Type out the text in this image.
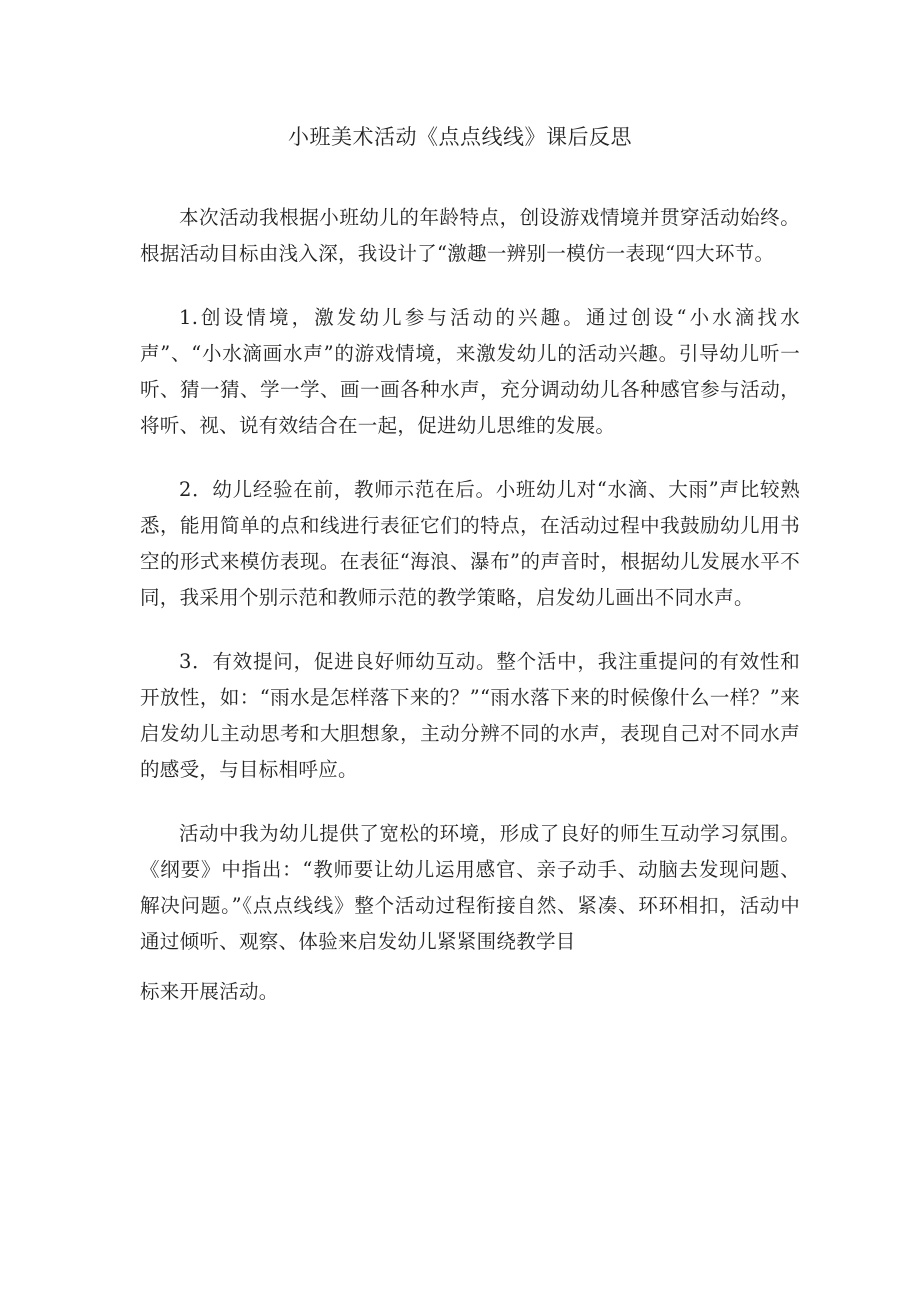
小班美术活动《点点线线》课后反思

本次活动我根据小班幼儿的年龄特点，创设游戏情境并贯穿活动始终。根据活动目标由浅入深，我设计了“激趣一辨别一模仿一表现“四大环节。

1.创设情境，激发幼儿参与活动的兴趣。通过创设“小水滴找水声”、“小水滴画水声”的游戏情境，来激发幼儿的活动兴趣。引导幼儿听一听、猜一猜、学一学、画一画各种水声，充分调动幼儿各种感官参与活动，将听、视、说有效结合在一起，促进幼儿思维的发展。

2．幼儿经验在前，教师示范在后。小班幼儿对“水滴、大雨”声比较熟悉，能用简单的点和线进行表征它们的特点，在活动过程中我鼓励幼儿用书空的形式来模仿表现。在表征“海浪、瀑布”的声音时，根据幼儿发展水平不同，我采用个别示范和教师示范的教学策略，启发幼儿画出不同水声。

3．有效提问，促进良好师幼互动。整个活中，我注重提问的有效性和开放性，如：“雨水是怎样落下来的？”“雨水落下来的时候像什么一样？”来启发幼儿主动思考和大胆想象，主动分辨不同的水声，表现自己对不同水声的感受，与目标相呼应。

活动中我为幼儿提供了宽松的环境，形成了良好的师生互动学习氛围。《纲要》中指出：“教师要让幼儿运用感官、亲子动手、动脑去发现问题、解决问题。”《点点线线》整个活动过程衔接自然、紧凑、环环相扣，活动中通过倾听、观察、体验来启发幼儿紧紧围绕教学目

标来开展活动。
